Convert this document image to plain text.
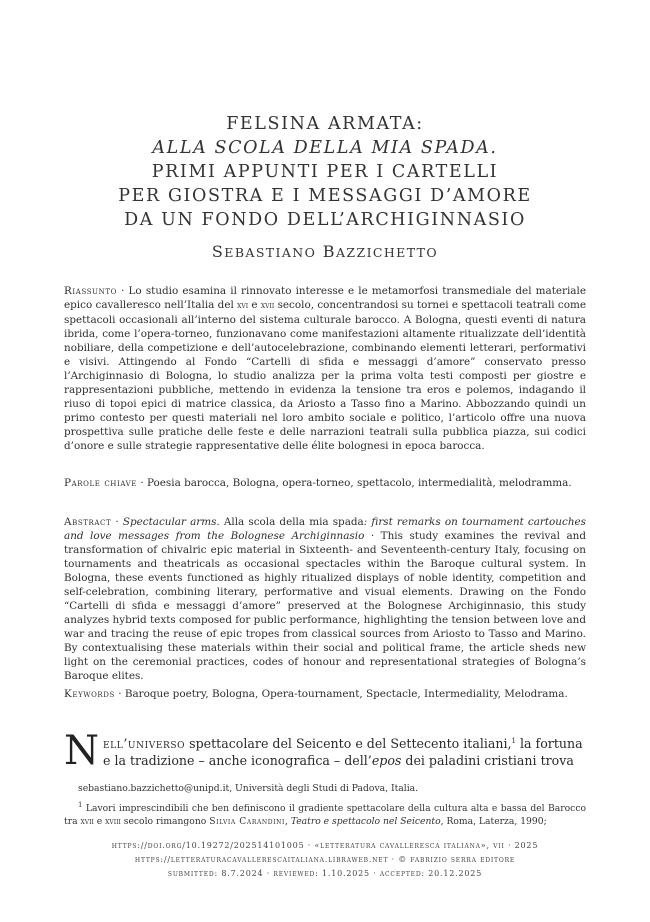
FELSINA ARMATA:
ALLA SCOLA DELLA MIA SPADA.
PRIMI APPUNTI PER I CARTELLI
PER GIOSTRA E I MESSAGGI D’AMORE
DA UN FONDO DELL’ARCHIGINNASIO
SEBASTIANO BAZZICHETTO
Riassunto · Lo studio esamina il rinnovato interesse e le metamorfosi transmediale del materiale epico cavalleresco nell’Italia del xvi e xvii secolo, concentrandosi su tornei e spettacoli teatrali come spettacoli occasionali all’interno del sistema culturale barocco. A Bologna, questi eventi di natura ibrida, come l’opera-torneo, funzionavano come manifestazioni altamente ritualizzate dell’identità nobiliare, della competizione e dell’autocelebrazione, combinando elementi letterari, performativi e visivi. Attingendo al Fondo “Cartelli di sfida e messaggi d’amore” conservato presso l’Archiginnasio di Bologna, lo studio analizza per la prima volta testi composti per giostre e rappresentazioni pubbliche, mettendo in evidenza la tensione tra eros e polemos, indagando il riuso di topoi epici di matrice classica, da Ariosto a Tasso fino a Marino. Abbozzando quindi un primo contesto per questi materiali nel loro ambito sociale e politico, l’articolo offre una nuova prospettiva sulle pratiche delle feste e delle narrazioni teatrali sulla pubblica piazza, sui codici d’onore e sulle strategie rappresentative delle élite bolognesi in epoca barocca.
Parole chiave · Poesia barocca, Bologna, opera-torneo, spettacolo, intermedialità, melodramma.
Abstract · Spectacular arms. Alla scola della mia spada: first remarks on tournament cartouches and love messages from the Bolognese Archiginnasio · This study examines the revival and transformation of chivalric epic material in Sixteenth- and Seventeenth-century Italy, focusing on tournaments and theatricals as occasional spectacles within the Baroque cultural system. In Bologna, these events functioned as highly ritualized displays of noble identity, competition and self-celebration, combining literary, performative and visual elements. Drawing on the Fondo “Cartelli di sfida e messaggi d’amore” preserved at the Bolognese Archiginnasio, this study analyzes hybrid texts composed for public performance, highlighting the tension between love and war and tracing the reuse of epic tropes from classical sources from Ariosto to Tasso and Marino. By contextualising these materials within their social and political frame, the article sheds new light on the ceremonial practices, codes of honour and representational strategies of Bologna’s Baroque elites.
Keywords · Baroque poetry, Bologna, Opera-tournament, Spectacle, Intermediality, Melodrama.
Nell’universo spettacolare del Seicento e del Settecento italiani,$^1$ la fortuna e la tradizione – anche iconografica – dell’epos dei paladini cristiani trova
sebastiano.bazzichetto@unipd.it, Università degli Studi di Padova, Italia.
$^1$ Lavori imprescindibili che ben definiscono il gradiente spettacolare della cultura alta e bassa del Barocco tra xvii e xviii secolo rimangono Silvia Carandini, Teatro e spettacolo nel Seicento, Roma, Laterza, 1990;
https://doi.org/10.19272/202514101005 · «letteratura cavalleresca italiana», vii · 2025
https://letteraturacavallerescaitaliana.libraweb.net · © fabrizio serra editore
submitted: 8.7.2024 · reviewed: 1.10.2025 · accepted: 20.12.2025
